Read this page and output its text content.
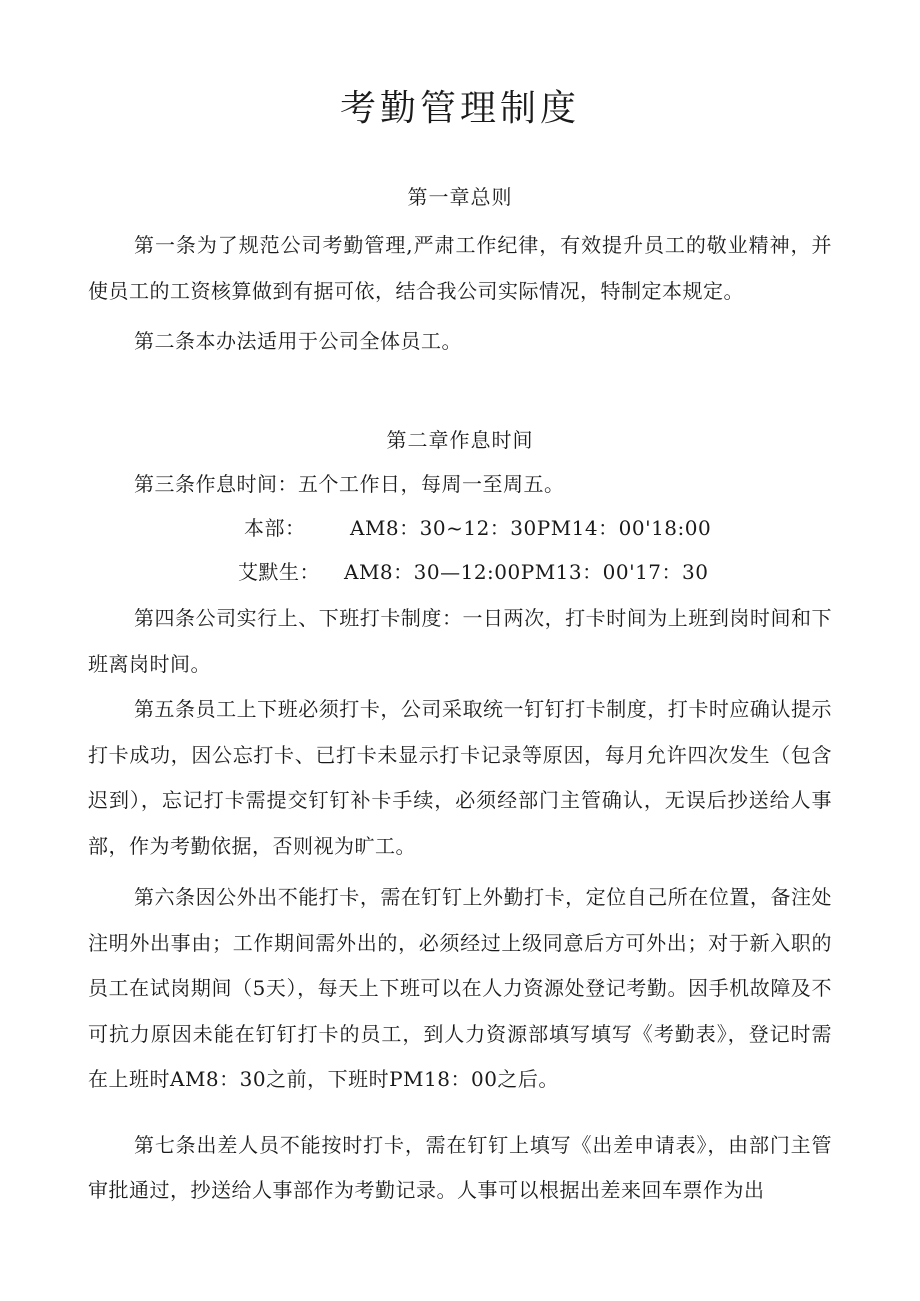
考勤管理制度
第一章总则

第一条为了规范公司考勤管理,严肃工作纪律，有效提升员工的敬业精神，并使员工的工资核算做到有据可依，结合我公司实际情况，特制定本规定。

第二条本办法适用于公司全体员工。
第二章作息时间
第三条作息时间：五个工作日，每周一至周五。
本部： AM8：30~12：30PM14：00'18:00
艾默生： AM8：30—12:00PM13：00'17：30

第四条公司实行上、下班打卡制度：一日两次，打卡时间为上班到岗时间和下班离岗时间。

第五条员工上下班必须打卡，公司采取统一钉钉打卡制度，打卡时应确认提示打卡成功，因公忘打卡、已打卡未显示打卡记录等原因，每月允许四次发生（包含迟到），忘记打卡需提交钉钉补卡手续，必须经部门主管确认，无误后抄送给人事部，作为考勤依据，否则视为旷工。

第六条因公外出不能打卡，需在钉钉上外勤打卡，定位自己所在位置，备注处注明外出事由；工作期间需外出的，必须经过上级同意后方可外出；对于新入职的员工在试岗期间（5天），每天上下班可以在人力资源处登记考勤。因手机故障及不可抗力原因未能在钉钉打卡的员工，到人力资源部填写填写《考勤表》，登记时需在上班时AM8：30之前，下班时PM18：00之后。

第七条出差人员不能按时打卡，需在钉钉上填写《出差申请表》，由部门主管审批通过，抄送给人事部作为考勤记录。人事可以根据出差来回车票作为出
